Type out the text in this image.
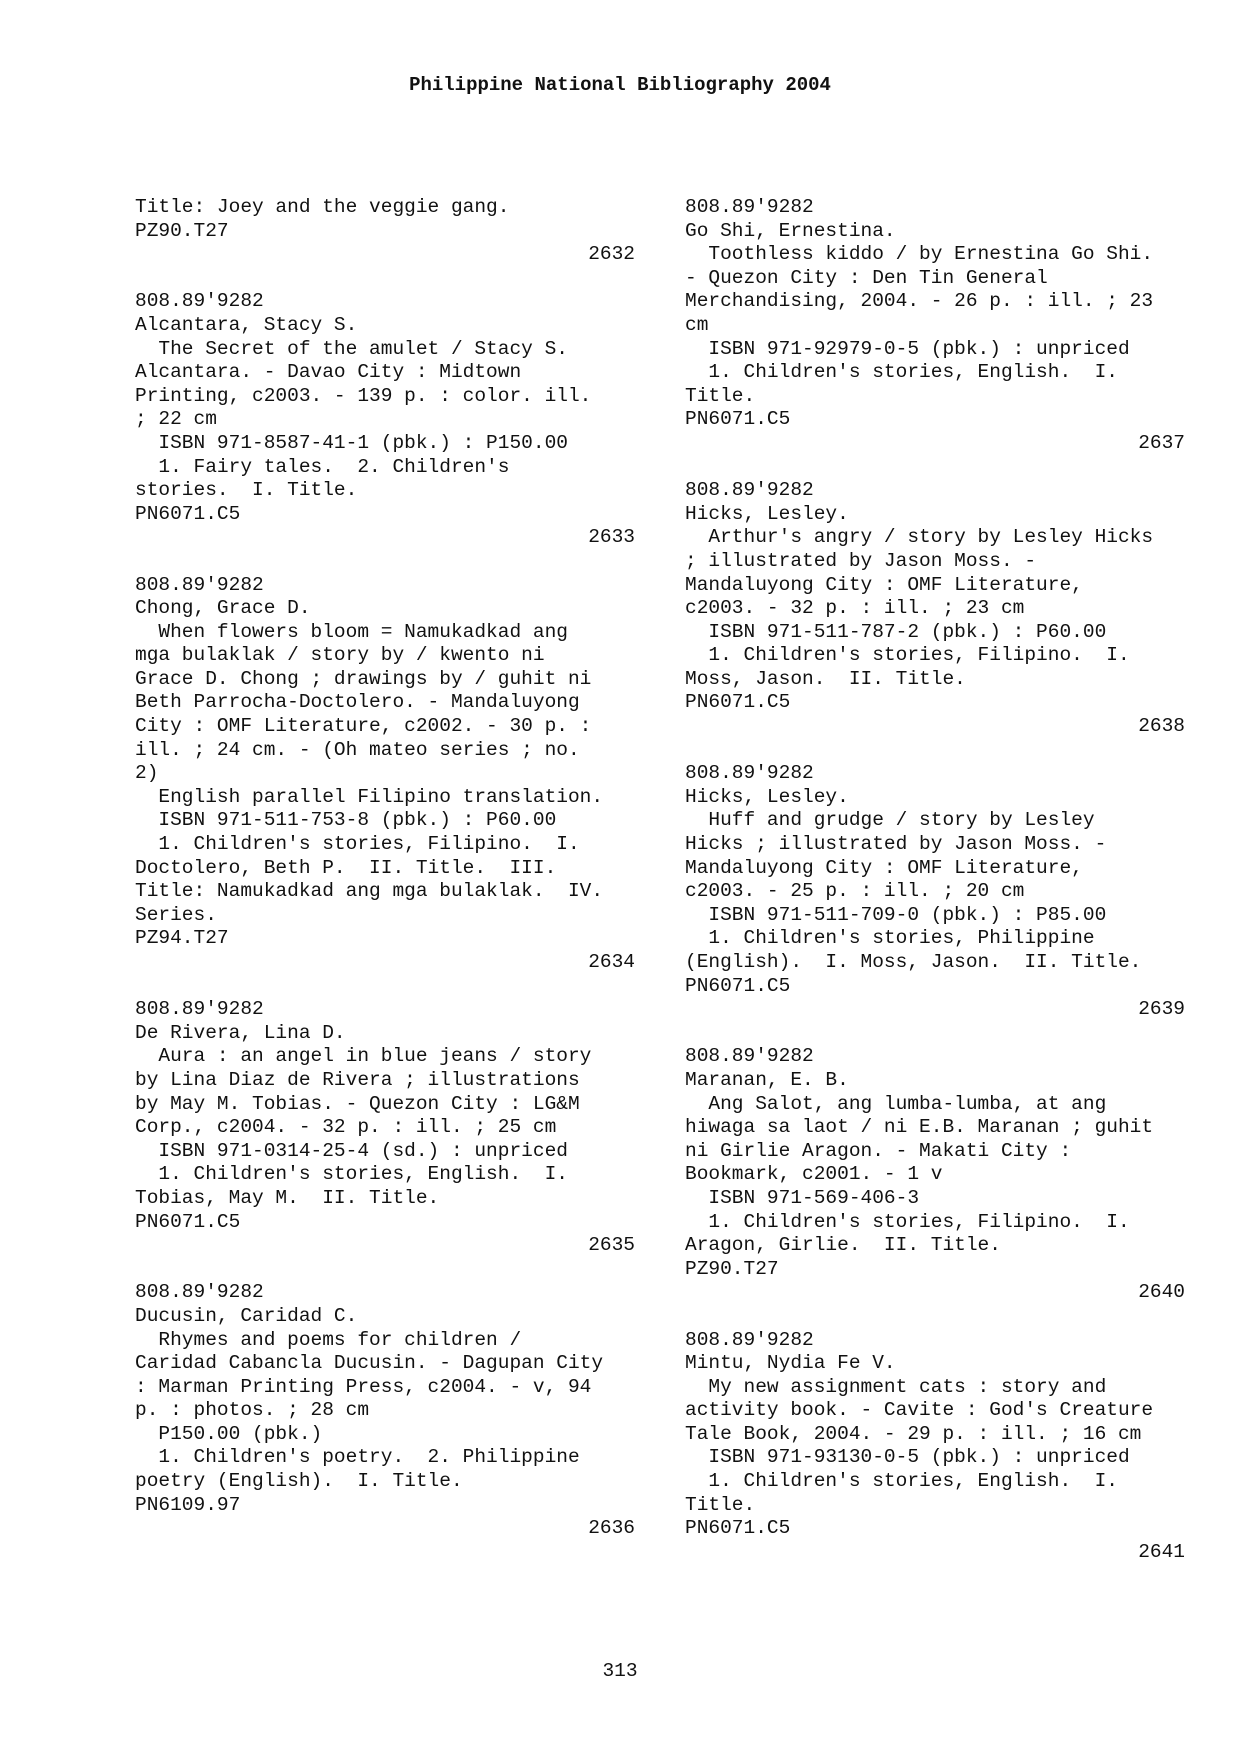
Philippine National Bibliography 2004
Title: Joey and the veggie gang.
PZ90.T27
2632
808.89'9282
Alcantara, Stacy S.
The Secret of the amulet / Stacy S.
Alcantara. - Davao City : Midtown
Printing, c2003. - 139 p. : color. ill.
; 22 cm
ISBN 971-8587-41-1 (pbk.) : P150.00
1. Fairy tales.  2. Children's
stories.  I. Title.
PN6071.C5
2633
808.89'9282
Chong, Grace D.
When flowers bloom = Namukadkad ang
mga bulaklak / story by / kwento ni
Grace D. Chong ; drawings by / guhit ni
Beth Parrocha-Doctolero. - Mandaluyong
City : OMF Literature, c2002. - 30 p. :
ill. ; 24 cm. - (Oh mateo series ; no.
2)
English parallel Filipino translation.
ISBN 971-511-753-8 (pbk.) : P60.00
1. Children's stories, Filipino.  I.
Doctolero, Beth P.  II. Title.  III.
Title: Namukadkad ang mga bulaklak.  IV.
Series.
PZ94.T27
2634
808.89'9282
De Rivera, Lina D.
Aura : an angel in blue jeans / story
by Lina Diaz de Rivera ; illustrations
by May M. Tobias. - Quezon City : LG&M
Corp., c2004. - 32 p. : ill. ; 25 cm
ISBN 971-0314-25-4 (sd.) : unpriced
1. Children's stories, English.  I.
Tobias, May M.  II. Title.
PN6071.C5
2635
808.89'9282
Ducusin, Caridad C.
Rhymes and poems for children /
Caridad Cabancla Ducusin. - Dagupan City
: Marman Printing Press, c2004. - v, 94
p. : photos. ; 28 cm
P150.00 (pbk.)
1. Children's poetry.  2. Philippine
poetry (English).  I. Title.
PN6109.97
2636
808.89'9282
Go Shi, Ernestina.
Toothless kiddo / by Ernestina Go Shi.
- Quezon City : Den Tin General
Merchandising, 2004. - 26 p. : ill. ; 23
cm
ISBN 971-92979-0-5 (pbk.) : unpriced
1. Children's stories, English.  I.
Title.
PN6071.C5
2637
808.89'9282
Hicks, Lesley.
Arthur's angry / story by Lesley Hicks
; illustrated by Jason Moss. -
Mandaluyong City : OMF Literature,
c2003. - 32 p. : ill. ; 23 cm
ISBN 971-511-787-2 (pbk.) : P60.00
1. Children's stories, Filipino.  I.
Moss, Jason.  II. Title.
PN6071.C5
2638
808.89'9282
Hicks, Lesley.
Huff and grudge / story by Lesley
Hicks ; illustrated by Jason Moss. -
Mandaluyong City : OMF Literature,
c2003. - 25 p. : ill. ; 20 cm
ISBN 971-511-709-0 (pbk.) : P85.00
1. Children's stories, Philippine
(English).  I. Moss, Jason.  II. Title.
PN6071.C5
2639
808.89'9282
Maranan, E. B.
Ang Salot, ang lumba-lumba, at ang
hiwaga sa laot / ni E.B. Maranan ; guhit
ni Girlie Aragon. - Makati City :
Bookmark, c2001. - 1 v
ISBN 971-569-406-3
1. Children's stories, Filipino.  I.
Aragon, Girlie.  II. Title.
PZ90.T27
2640
808.89'9282
Mintu, Nydia Fe V.
My new assignment cats : story and
activity book. - Cavite : God's Creature
Tale Book, 2004. - 29 p. : ill. ; 16 cm
ISBN 971-93130-0-5 (pbk.) : unpriced
1. Children's stories, English.  I.
Title.
PN6071.C5
2641
313
